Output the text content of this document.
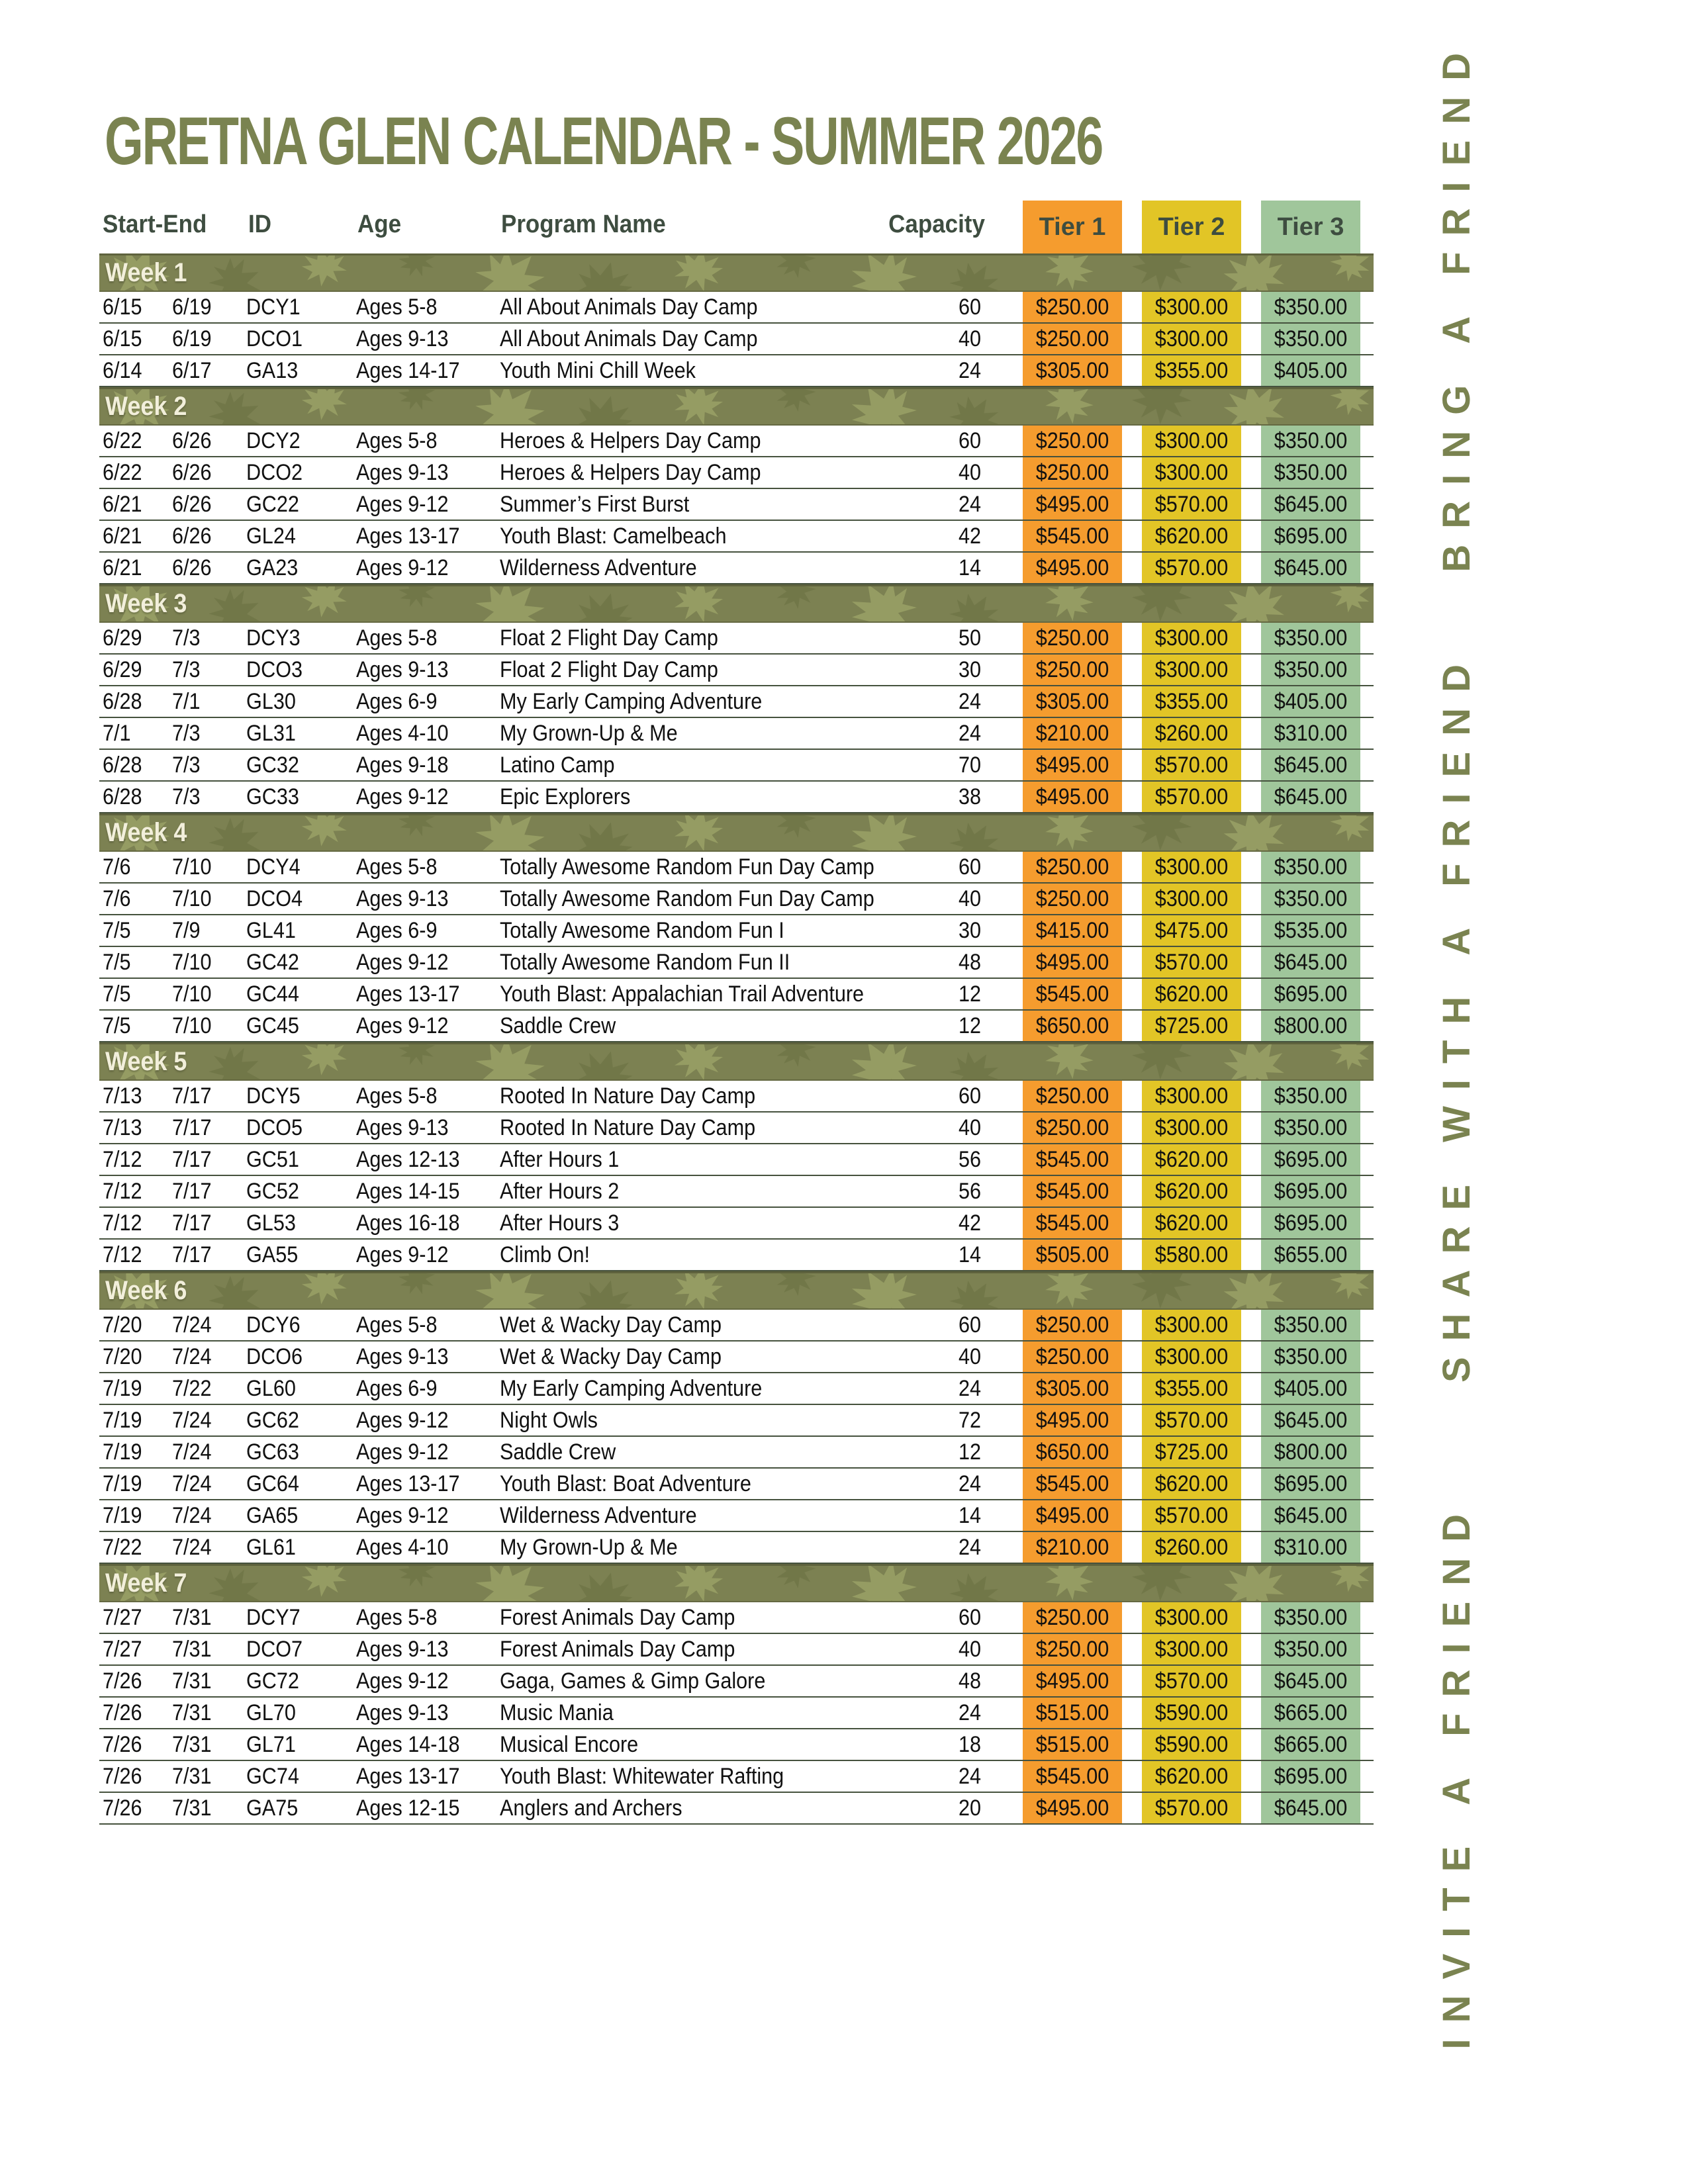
GRETNA GLEN CALENDAR - SUMMER 2026
Start-End ID	Age	Program Name	Capacity Tier 1 Tier 2 Tier 3
Week 1
6/15 6/19 DCY1 Ages 5-8	All About Animals Day Camp	60	$250.00	$300.00	$350.00
6/15 6/19 DCO1 Ages 9-13 All About Animals Day Camp	40	$250.00	$300.00	$350.00
6/14 6/17 GA13	Ages 14-17 Youth Mini Chill Week	24	$305.00	$355.00	$405.00
Week 2
6/22 6/26 DCY2 Ages 5-8	Heroes & Helpers Day Camp	60	$250.00	$300.00	$350.00
6/22 6/26 DCO2 Ages 9-13 Heroes & Helpers Day Camp	40	$250.00	$300.00	$350.00
6/21 6/26 GC22	Ages 9-12 Summer’s First Burst	24	$495.00	$570.00	$645.00
6/21 6/26 GL24	Ages 13-17 Youth Blast: Camelbeach	42	$545.00	$620.00	$695.00
6/21 6/26 GA23	Ages 9-12 Wilderness Adventure	14	$495.00	$570.00	$645.00
Week 3
6/29 7/3 DCY3 Ages 5-8	Float 2 Flight Day Camp	50	$250.00	$300.00	$350.00
6/29 7/3 DCO3 Ages 9-13 Float 2 Flight Day Camp	30	$250.00	$300.00	$350.00
6/28 7/1 GL30	Ages 6-9	My Early Camping Adventure	24	$305.00	$355.00	$405.00
7/1 7/3 GL31	Ages 4-10 My Grown-Up & Me	24	$210.00	$260.00	$310.00
6/28 7/3 GC32	Ages 9-18 Latino Camp	70	$495.00	$570.00	$645.00
6/28 7/3 GC33	Ages 9-12 Epic Explorers	38	$495.00	$570.00	$645.00
Week 4
7/6 7/10 DCY4 Ages 5-8	Totally Awesome Random Fun Day Camp	60	$250.00	$300.00	$350.00
7/6 7/10 DCO4 Ages 9-13 Totally Awesome Random Fun Day Camp	40	$250.00	$300.00	$350.00
7/5 7/9 GL41	Ages 6-9	Totally Awesome Random Fun I	30	$415.00	$475.00	$535.00
7/5 7/10 GC42	Ages 9-12 Totally Awesome Random Fun II	48	$495.00	$570.00	$645.00
7/5 7/10 GC44	Ages 13-17 Youth Blast: Appalachian Trail Adventure	12	$545.00	$620.00	$695.00
7/5 7/10 GC45	Ages 9-12 Saddle Crew	12	$650.00	$725.00	$800.00
Week 5
7/13 7/17 DCY5 Ages 5-8	Rooted In Nature Day Camp	60	$250.00	$300.00	$350.00
7/13 7/17 DCO5 Ages 9-13 Rooted In Nature Day Camp	40	$250.00	$300.00	$350.00
7/12 7/17 GC51	Ages 12-13 After Hours 1	56	$545.00	$620.00	$695.00
7/12 7/17 GC52	Ages 14-15 After Hours 2	56	$545.00	$620.00	$695.00
7/12 7/17 GL53	Ages 16-18 After Hours 3	42	$545.00	$620.00	$695.00
7/12 7/17 GA55	Ages 9-12 Climb On!	14	$505.00	$580.00	$655.00
Week 6
7/20 7/24 DCY6 Ages 5-8	Wet & Wacky Day Camp	60	$250.00	$300.00	$350.00
7/20 7/24 DCO6 Ages 9-13 Wet & Wacky Day Camp	40	$250.00	$300.00	$350.00
7/19 7/22 GL60	Ages 6-9	My Early Camping Adventure	24	$305.00	$355.00	$405.00
7/19 7/24 GC62	Ages 9-12 Night Owls	72	$495.00	$570.00	$645.00
7/19 7/24 GC63	Ages 9-12 Saddle Crew	12	$650.00	$725.00	$800.00
7/19 7/24 GC64	Ages 13-17 Youth Blast: Boat Adventure	24	$545.00	$620.00	$695.00
7/19 7/24 GA65	Ages 9-12 Wilderness Adventure	14	$495.00	$570.00	$645.00
7/22 7/24 GL61	Ages 4-10 My Grown-Up & Me	24	$210.00	$260.00	$310.00
Week 7
7/27 7/31 DCY7 Ages 5-8	Forest Animals Day Camp	60	$250.00	$300.00	$350.00
7/27 7/31 DCO7 Ages 9-13 Forest Animals Day Camp	40	$250.00	$300.00	$350.00
7/26 7/31 GC72	Ages 9-12 Gaga, Games & Gimp Galore	48	$495.00	$570.00	$645.00
7/26 7/31 GL70	Ages 9-13 Music Mania	24	$515.00	$590.00	$665.00
7/26 7/31 GL71	Ages 14-18 Musical Encore	18	$515.00	$590.00	$665.00
7/26 7/31 GC74	Ages 13-17 Youth Blast: Whitewater Rafting	24	$545.00	$620.00	$695.00
7/26 7/31 GA75	Ages 12-15 Anglers and Archers	20	$495.00	$570.00	$645.00
BRING A FRIEND
SHARE WITH A FRIEND
INVITE A FRIEND
